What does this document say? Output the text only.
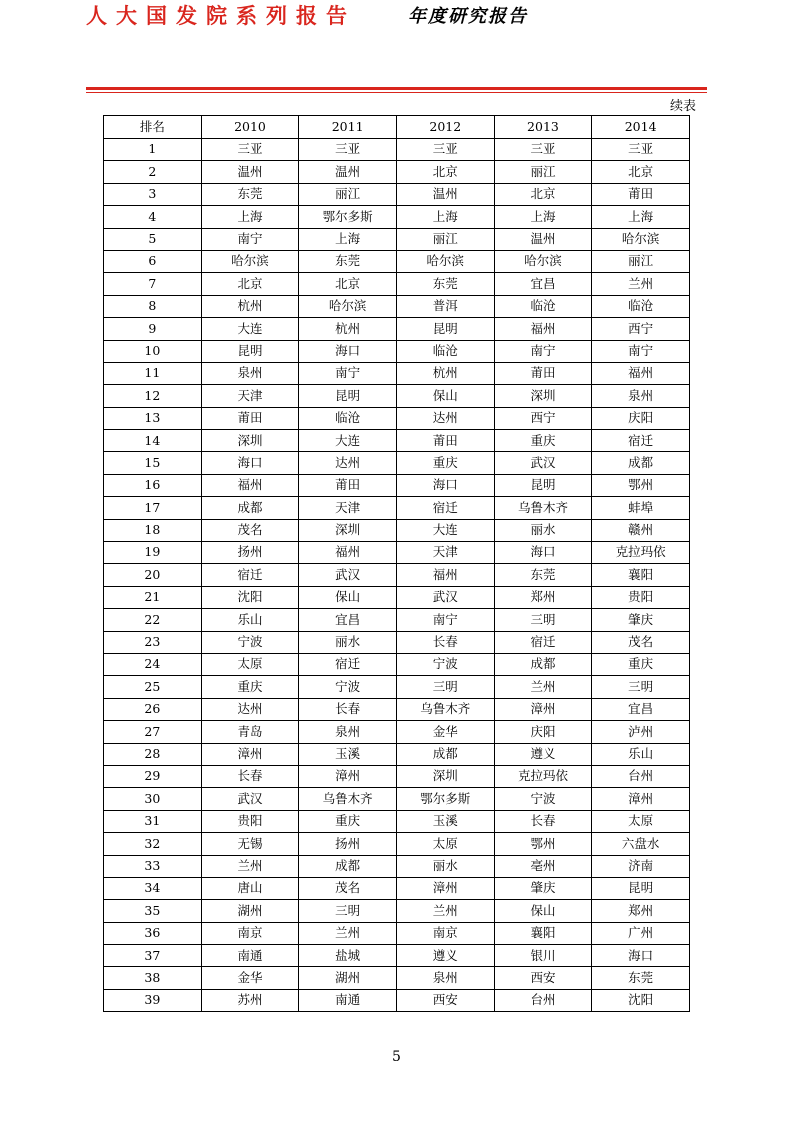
人大国发院系列报告	年度研究报告
续表
排名	2010	2011	2012	2013	2014
1	三亚	三亚	三亚	三亚	三亚
2	温州	温州	北京	丽江	北京
3	东莞	丽江	温州	北京	莆田
4	上海	鄂尔多斯	上海	上海	上海
5	南宁	上海	丽江	温州	哈尔滨
6	哈尔滨	东莞	哈尔滨	哈尔滨	丽江
7	北京	北京	东莞	宜昌	兰州
8	杭州	哈尔滨	普洱	临沧	临沧
9	大连	杭州	昆明	福州	西宁
10	昆明	海口	临沧	南宁	南宁
11	泉州	南宁	杭州	莆田	福州
12	天津	昆明	保山	深圳	泉州
13	莆田	临沧	达州	西宁	庆阳
14	深圳	大连	莆田	重庆	宿迁
15	海口	达州	重庆	武汉	成都
16	福州	莆田	海口	昆明	鄂州
17	成都	天津	宿迁	乌鲁木齐	蚌埠
18	茂名	深圳	大连	丽水	赣州
19	扬州	福州	天津	海口	克拉玛依
20	宿迁	武汉	福州	东莞	襄阳
21	沈阳	保山	武汉	郑州	贵阳
22	乐山	宜昌	南宁	三明	肇庆
23	宁波	丽水	长春	宿迁	茂名
24	太原	宿迁	宁波	成都	重庆
25	重庆	宁波	三明	兰州	三明
26	达州	长春	乌鲁木齐	漳州	宜昌
27	青岛	泉州	金华	庆阳	泸州
28	漳州	玉溪	成都	遵义	乐山
29	长春	漳州	深圳	克拉玛依	台州
30	武汉	乌鲁木齐	鄂尔多斯	宁波	漳州
31	贵阳	重庆	玉溪	长春	太原
32	无锡	扬州	太原	鄂州	六盘水
33	兰州	成都	丽水	亳州	济南
34	唐山	茂名	漳州	肇庆	昆明
35	湖州	三明	兰州	保山	郑州
36	南京	兰州	南京	襄阳	广州
37	南通	盐城	遵义	银川	海口
38	金华	湖州	泉州	西安	东莞
39	苏州	南通	西安	台州	沈阳
5
